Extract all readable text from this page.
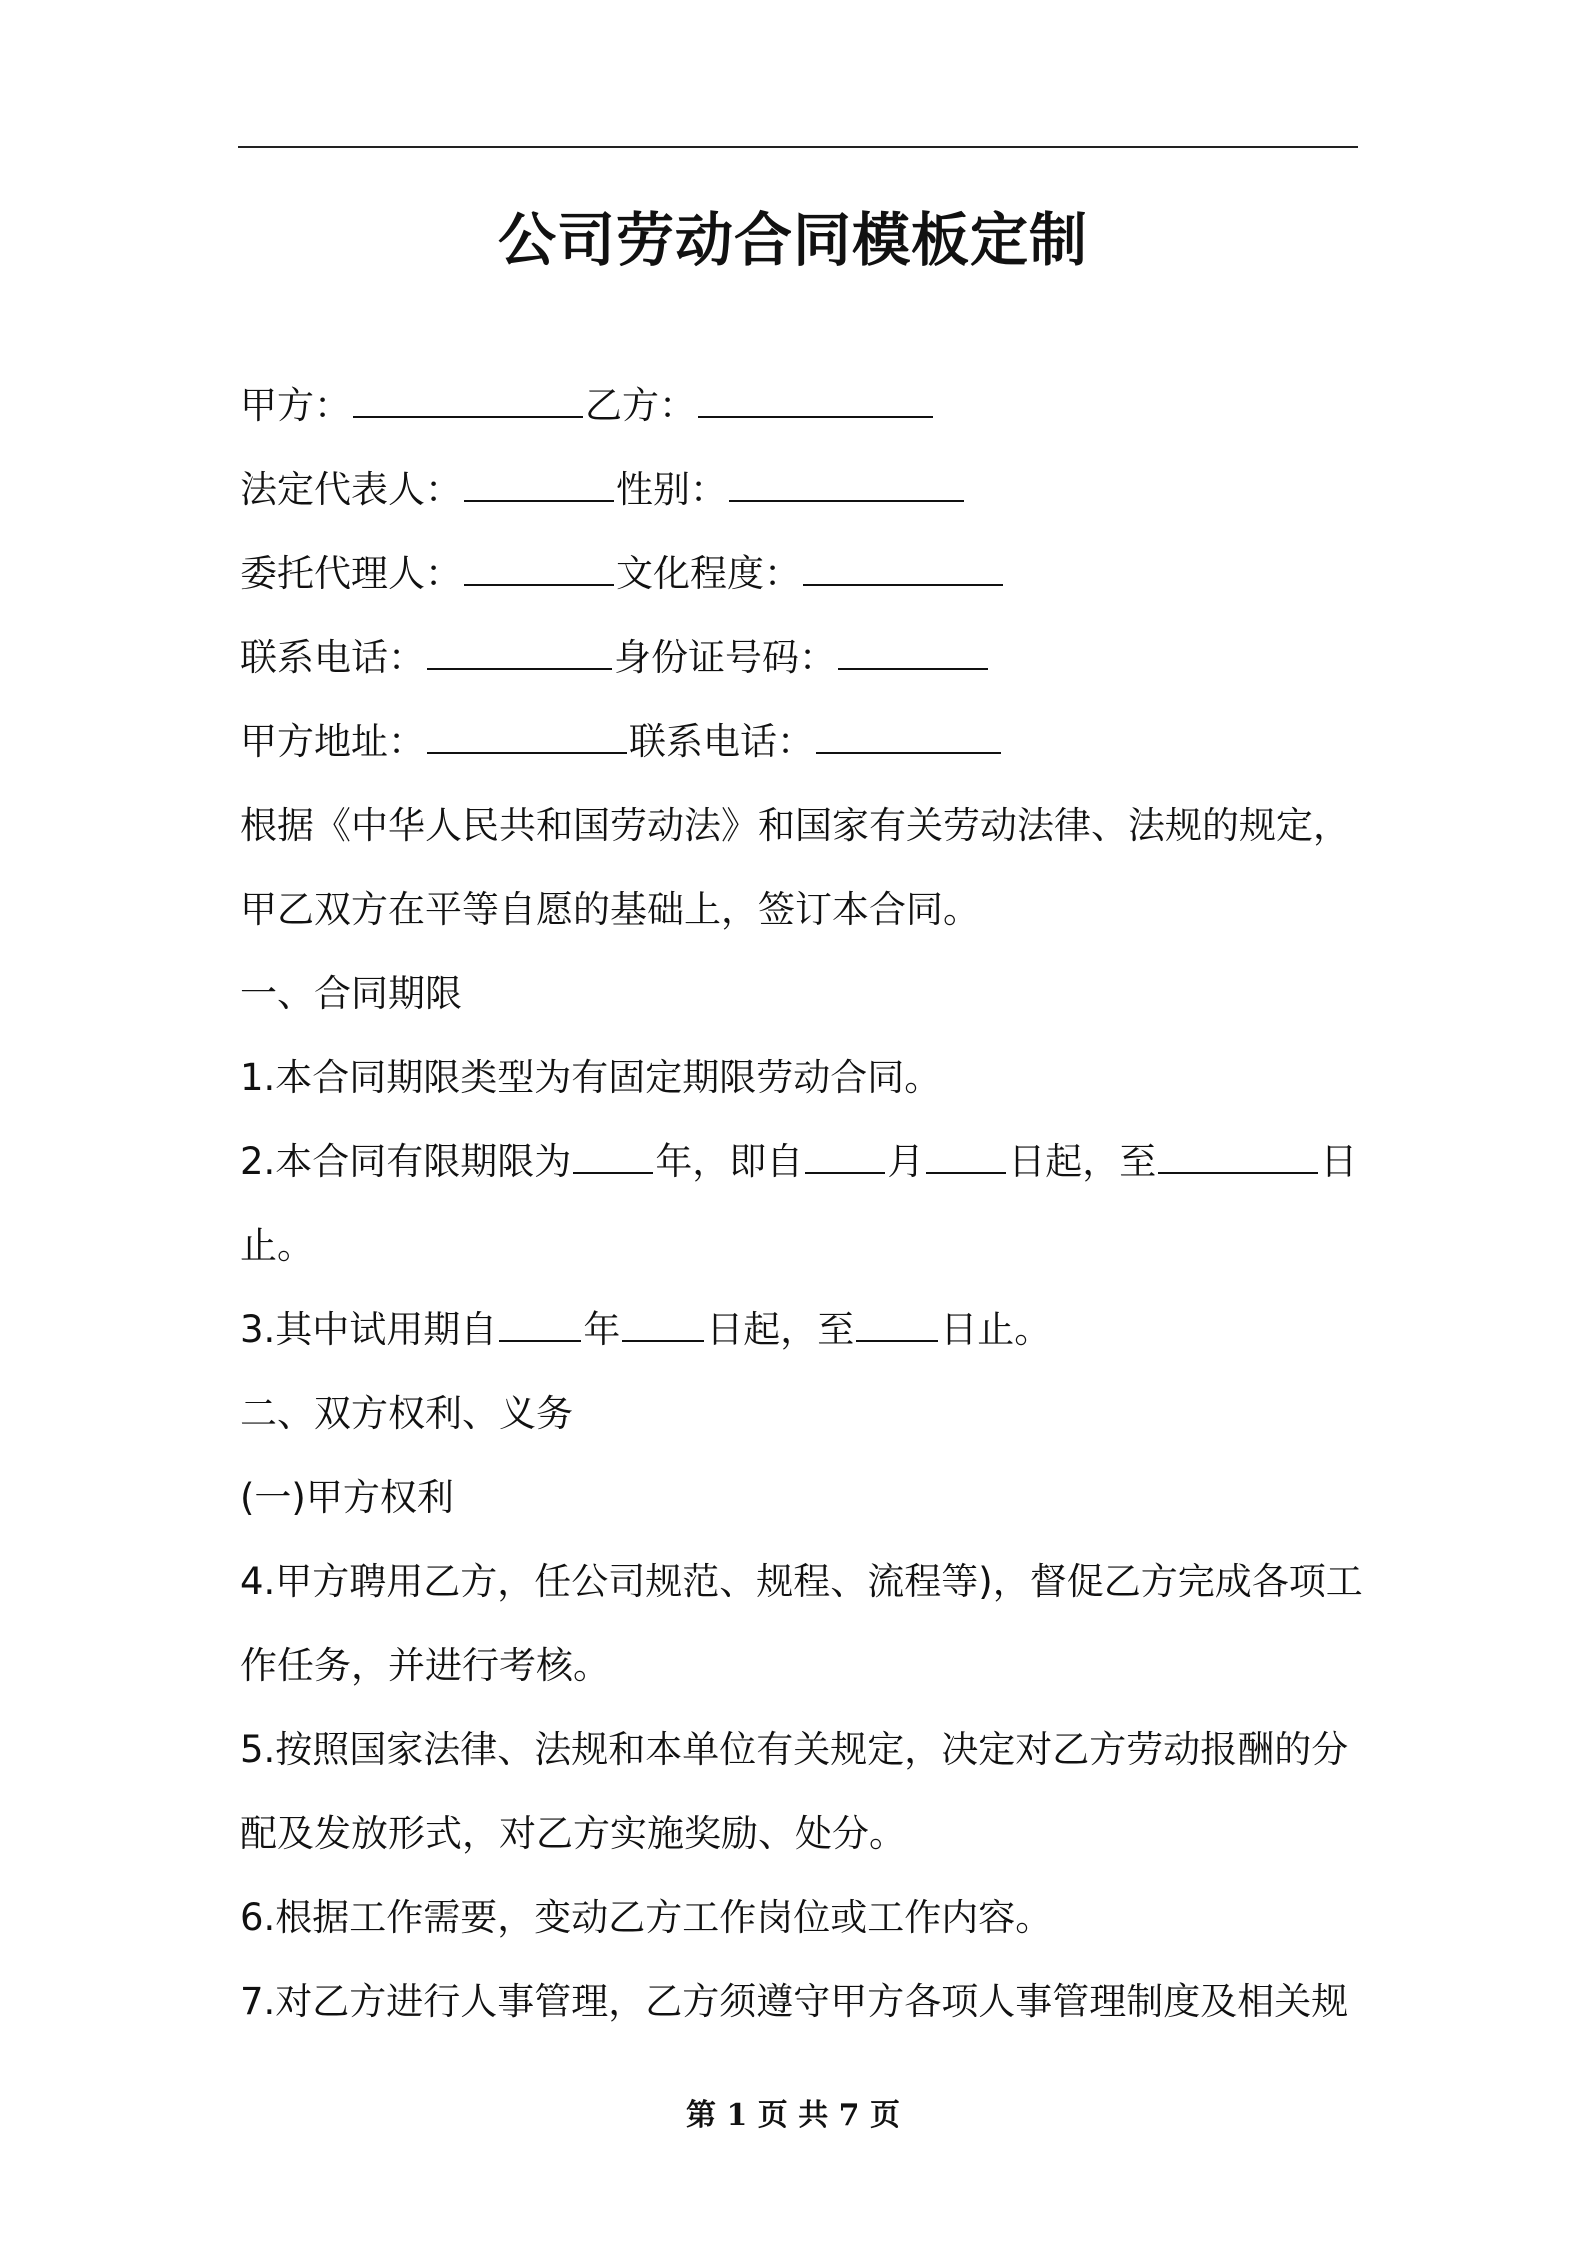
公司劳动合同模板定制
甲方：	乙方：
法定代表人：	性别：
委托代理人：	文化程度：
联系电话：	身份证号码：
甲方地址：	联系电话：
根据《中华人民共和国劳动法》和国家有关劳动法律、法规的规定，
甲乙双方在平等自愿的基础上，签订本合同。
一、合同期限
1.本合同期限类型为有固定期限劳动合同。
2.本合同有限期限为 年，即自 月 日起，至	日
止。
3.其中试用期自 年 日起，至 日止。
二、双方权利、义务
(一)甲方权利
4.甲方聘用乙方，任公司规范、规程、流程等)，督促乙方完成各项工
作任务，并进行考核。
5.按照国家法律、法规和本单位有关规定，决定对乙方劳动报酬的分
配及发放形式，对乙方实施奖励、处分。
6.根据工作需要，变动乙方工作岗位或工作内容。
7.对乙方进行人事管理，乙方须遵守甲方各项人事管理制度及相关规
第 1 页 共 7 页
